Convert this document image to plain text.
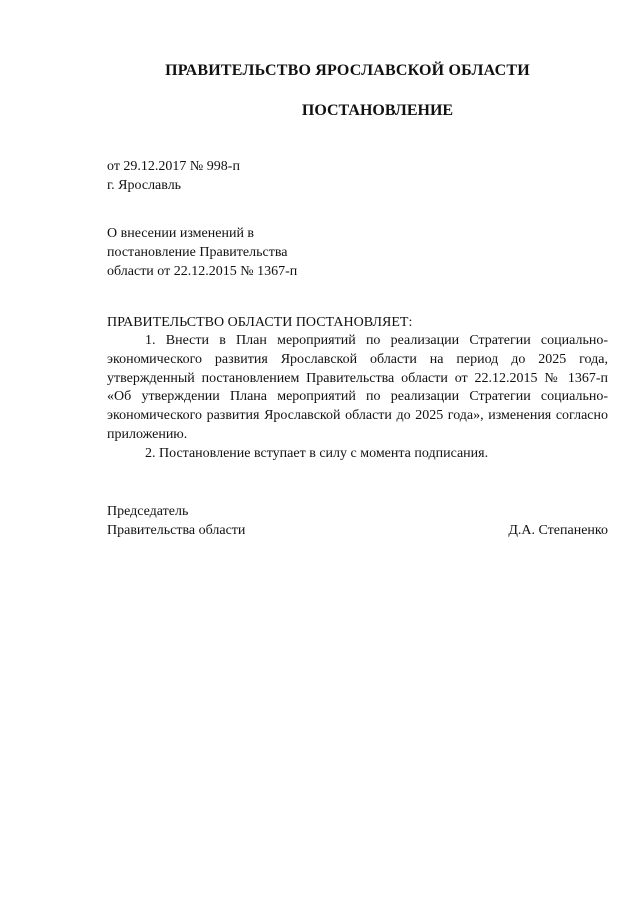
ПРАВИТЕЛЬСТВО ЯРОСЛАВСКОЙ ОБЛАСТИ
ПОСТАНОВЛЕНИЕ
от 29.12.2017 № 998-п
г. Ярославль
О внесении изменений в
постановление Правительства
области от 22.12.2015 № 1367-п
ПРАВИТЕЛЬСТВО ОБЛАСТИ ПОСТАНОВЛЯЕТ:

1. Внести в План мероприятий по реализации Стратегии социально-экономического развития Ярославской области на период до 2025 года, утвержденный постановлением Правительства области от 22.12.2015 № 1367-п «Об утверждении Плана мероприятий по реализации Стратегии социально-экономического развития Ярославской области до 2025 года», изменения согласно приложению.

2. Постановление вступает в силу с момента подписания.

Председатель
Правительства области	Д.А. Степаненко
